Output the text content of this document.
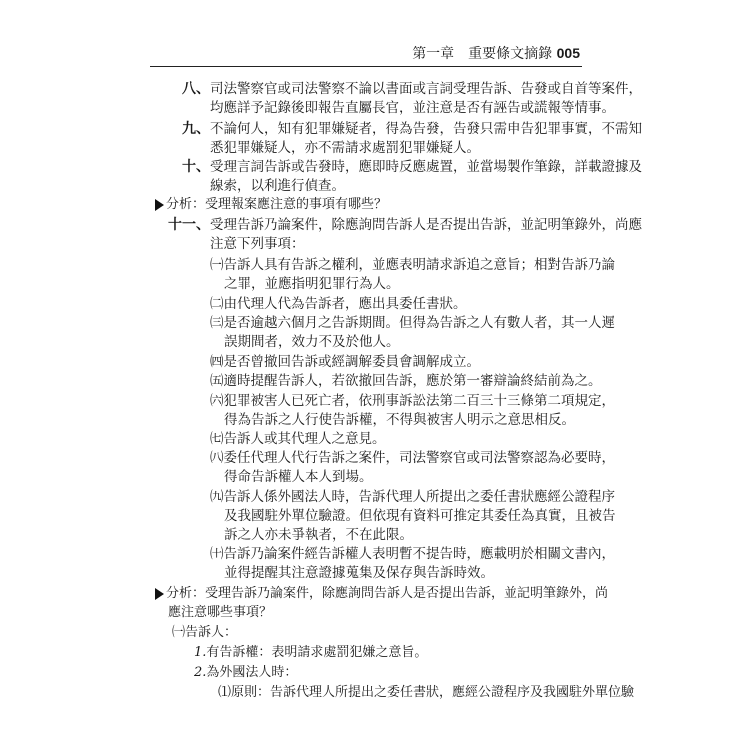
第一章　重要條文摘錄 005
八、 司法警察官或司法警察不論以書面或言詞受理告訴、告發或自首等案件，
均應詳予記錄後即報告直屬長官，並注意是否有誣告或謊報等情事。
九、 不論何人，知有犯罪嫌疑者，得為告發，告發只需申告犯罪事實，不需知
悉犯罪嫌疑人，亦不需請求處罰犯罪嫌疑人。
十、 受理言詞告訴或告發時，應即時反應處置，並當場製作筆錄，詳載證據及
線索，以利進行偵查。
分析：受理報案應注意的事項有哪些？
十一、 受理告訴乃論案件，除應詢問告訴人是否提出告訴，並記明筆錄外，尚應
注意下列事項：
㈠告訴人具有告訴之權利，並應表明請求訴追之意旨；相對告訴乃論
之罪，並應指明犯罪行為人。
㈡由代理人代為告訴者，應出具委任書狀。
㈢是否逾越六個月之告訴期間。但得為告訴之人有數人者，其一人遲
誤期間者，效力不及於他人。
㈣是否曾撤回告訴或經調解委員會調解成立。
㈤適時提醒告訴人，若欲撤回告訴，應於第一審辯論終結前為之。
㈥犯罪被害人已死亡者，依刑事訴訟法第二百三十三條第二項規定，
得為告訴之人行使告訴權，不得與被害人明示之意思相反。
㈦告訴人或其代理人之意見。
㈧委任代理人代行告訴之案件，司法警察官或司法警察認為必要時，
得命告訴權人本人到場。
㈨告訴人係外國法人時，告訴代理人所提出之委任書狀應經公證程序
及我國駐外單位驗證。但依現有資料可推定其委任為真實，且被告
訴之人亦未爭執者，不在此限。
㈩告訴乃論案件經告訴權人表明暫不提告時，應載明於相關文書內，
並得提醒其注意證據蒐集及保存與告訴時效。
分析：受理告訴乃論案件，除應詢問告訴人是否提出告訴，並記明筆錄外，尚
應注意哪些事項？
㈠告訴人：
1.有告訴權：表明請求處罰犯嫌之意旨。
2.為外國法人時：
⑴原則：告訴代理人所提出之委任書狀，應經公證程序及我國駐外單位驗
